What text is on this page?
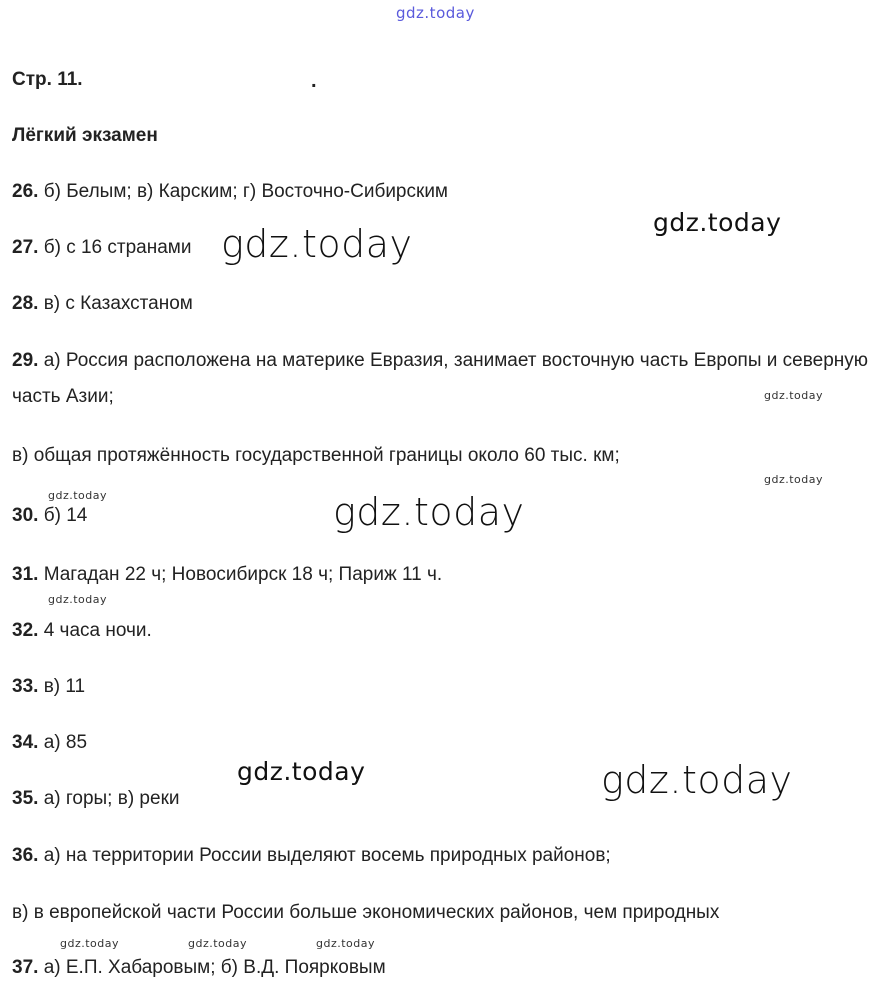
gdz.today
Стр. 11.	.
Лёгкий экзамен
26. б) Белым; в) Карским; г) Восточно-Сибирским
27. б) с 16 странами
28. в) с Казахстаном
29. а) Россия расположена на материке Евразия, занимает восточную часть Европы и северную часть Азии;
в) общая протяжённость государственной границы около 60 тыс. км;
30. б) 14
31. Магадан 22 ч; Новосибирск 18 ч; Париж 11 ч.
32. 4 часа ночи.
33. в) 11
34. а) 85
35. а) горы; в) реки
36. а) на территории России выделяют восемь природных районов;
в) в европейской части России больше экономических районов, чем природных
37. а) Е.П. Хабаровым; б) В.Д. Поярковым
gdz.today	gdz.today
gdz.today
gdz.today
gdz.today	gdz.today
gdz.today
gdz.today	gdz.today
gdz.today	gdz.today	gdz.today
